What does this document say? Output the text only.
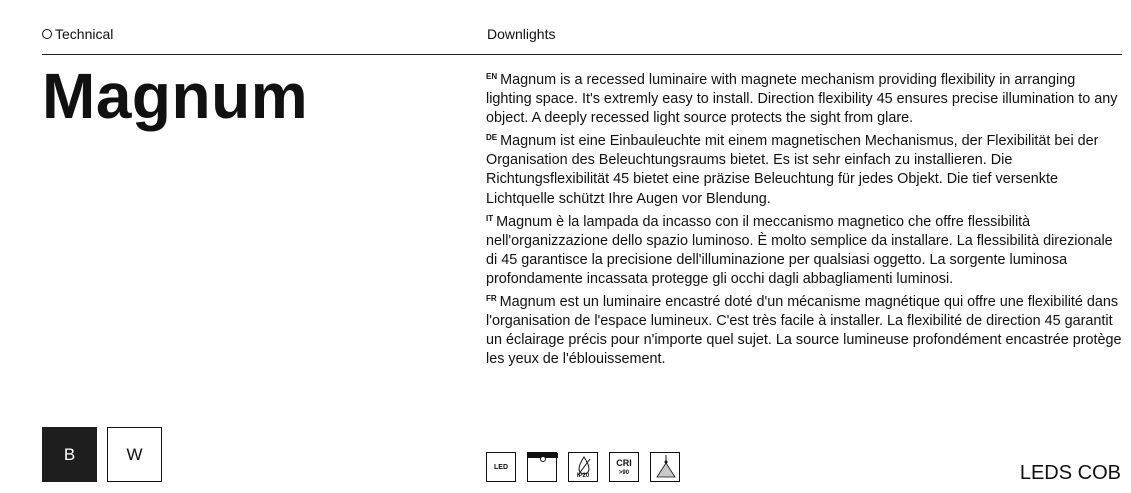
Technical	Downlights
Magnum	$^{EN}$ Magnum is a recessed luminaire with magnete mechanism providing flexibility in arranging lighting space. It's extremly easy to install. Direction flexibility 45 ensures precise illumination to any object. A deeply recessed light source protects the sight from glare.

$^{DE}$ Magnum ist eine Einbauleuchte mit einem magnetischen Mechanismus, der Flexibilität bei der Organisation des Beleuchtungsraums bietet. Es ist sehr einfach zu installieren. Die Richtungsflexibilität 45 bietet eine präzise Beleuchtung für jedes Objekt. Die tief versenkte Lichtquelle schützt Ihre Augen vor Blendung.

$^{IT}$ Magnum è la lampada da incasso con il meccanismo magnetico che offre flessibilità nell'organizzazione dello spazio luminoso. È molto semplice da installare. La flessibilità direzionale di 45 garantisce la precisione dell'illuminazione per qualsiasi oggetto. La sorgente luminosa profondamente incassata protegge gli occhi dagli abbagliamenti luminosi.

$^{FR}$ Magnum est un luminaire encastré doté d'un mécanisme magnétique qui offre une flexibilité dans l'organisation de l'espace lumineux. C'est très facile à installer. La flexibilité de direction 45 garantit un éclairage précis pour n'importe quel sujet. La source lumineuse profondément encastrée protège les yeux de l'éblouissement.

B	W
LED
IP20
CRI
>90	LEDS COB
